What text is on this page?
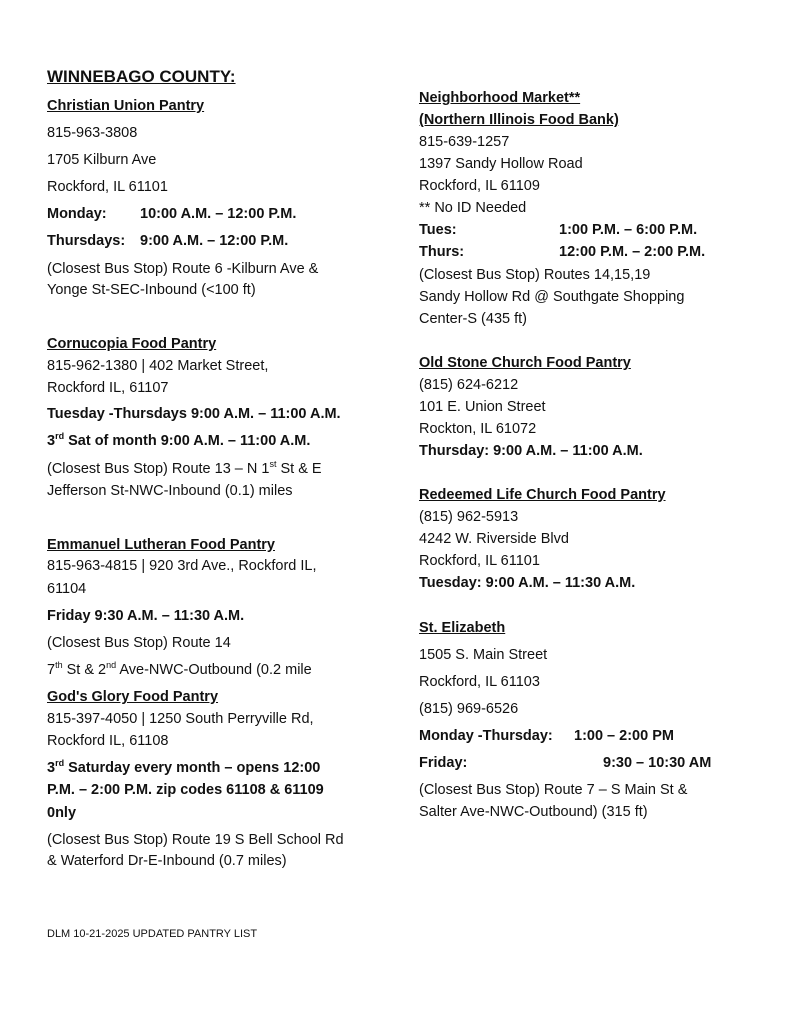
WINNEBAGO COUNTY:
Christian Union Pantry
815-963-3808
1705 Kilburn Ave
Rockford, IL 61101
Monday: 10:00 A.M. – 12:00 P.M.
Thursdays: 9:00 A.M. – 12:00 P.M.
(Closest Bus Stop) Route 6 -Kilburn Ave &
Yonge St-SEC-Inbound (<100 ft)
Cornucopia Food Pantry
815-962-1380 | 402 Market Street,
Rockford IL, 61107
Tuesday -Thursdays 9:00 A.M. – 11:00 A.M.
3rd Sat of month 9:00 A.M. – 11:00 A.M.
(Closest Bus Stop) Route 13 – N 1st St & E
Jefferson St-NWC-Inbound (0.1) miles
Emmanuel Lutheran Food Pantry
815-963-4815 | 920 3rd Ave., Rockford IL,
61104
Friday 9:30 A.M. – 11:30 A.M.
(Closest Bus Stop) Route 14
7th St & 2nd Ave-NWC-Outbound (0.2 mile
God's Glory Food Pantry
815-397-4050 | 1250 South Perryville Rd,
Rockford IL, 61108
3rd Saturday every month – opens 12:00
P.M. – 2:00 P.M. zip codes 61108 & 61109
0nly
(Closest Bus Stop) Route 19 S Bell School Rd
& Waterford Dr-E-Inbound (0.7 miles)
Neighborhood Market**
(Northern Illinois Food Bank)
815-639-1257
1397 Sandy Hollow Road
Rockford, IL 61109
** No ID Needed
Tues:	1:00 P.M. – 6:00 P.M.
Thurs:	12:00 P.M. – 2:00 P.M.
(Closest Bus Stop) Routes 14,15,19
Sandy Hollow Rd @ Southgate Shopping
Center-S (435 ft)
Old Stone Church Food Pantry
(815) 624-6212
101 E. Union Street
Rockton, IL 61072
Thursday: 9:00 A.M. – 11:00 A.M.
Redeemed Life Church Food Pantry
(815) 962-5913
4242 W. Riverside Blvd
Rockford, IL 61101
Tuesday: 9:00 A.M. – 11:30 A.M.
St. Elizabeth
1505 S. Main Street
Rockford, IL 61103
(815) 969-6526
Monday -Thursday: 1:00 – 2:00 PM
Friday:	9:30 – 10:30 AM
(Closest Bus Stop) Route 7 – S Main St &
Salter Ave-NWC-Outbound) (315 ft)
DLM 10-21-2025 UPDATED PANTRY LIST
